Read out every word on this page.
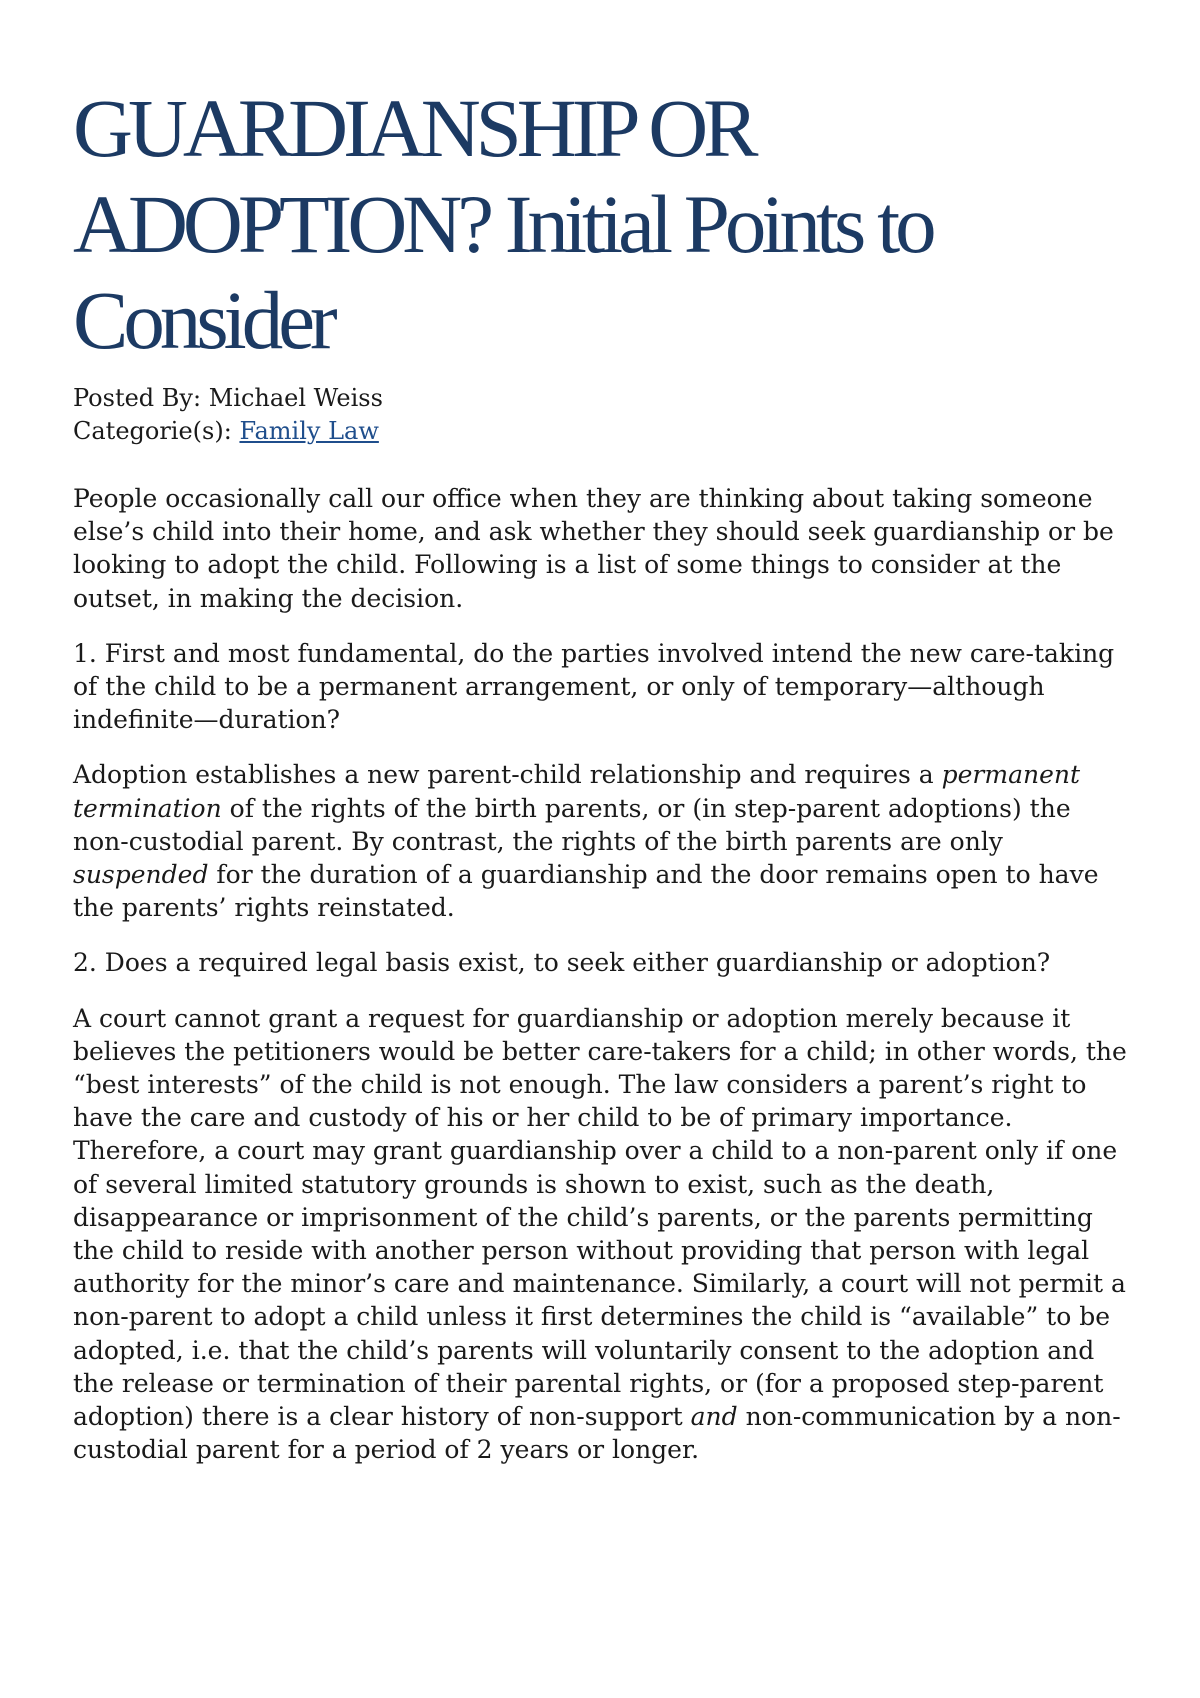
GUARDIANSHIP OR ADOPTION? Initial Points to Consider
Posted By: Michael Weiss
Categorie(s): Family Law

People occasionally call our office when they are thinking about taking someone else’s child into their home, and ask whether they should seek guardianship or be looking to adopt the child. Following is a list of some things to consider at the outset, in making the decision.

1. First and most fundamental, do the parties involved intend the new care-taking of the child to be a permanent arrangement, or only of temporary—although indefinite—duration?

Adoption establishes a new parent-child relationship and requires a permanent termination of the rights of the birth parents, or (in step-parent adoptions) the non-custodial parent. By contrast, the rights of the birth parents are only suspended for the duration of a guardianship and the door remains open to have the parents’ rights reinstated.

2. Does a required legal basis exist, to seek either guardianship or adoption?

A court cannot grant a request for guardianship or adoption merely because it believes the petitioners would be better care-takers for a child; in other words, the “best interests” of the child is not enough. The law considers a parent’s right to have the care and custody of his or her child to be of primary importance. Therefore, a court may grant guardianship over a child to a non-parent only if one of several limited statutory grounds is shown to exist, such as the death, disappearance or imprisonment of the child’s parents, or the parents permitting the child to reside with another person without providing that person with legal authority for the minor’s care and maintenance. Similarly, a court will not permit a non-parent to adopt a child unless it first determines the child is “available” to be adopted, i.e. that the child’s parents will voluntarily consent to the adoption and the release or termination of their parental rights, or (for a proposed step-parent adoption) there is a clear history of non-support and non-communication by a non-custodial parent for a period of 2 years or longer.
